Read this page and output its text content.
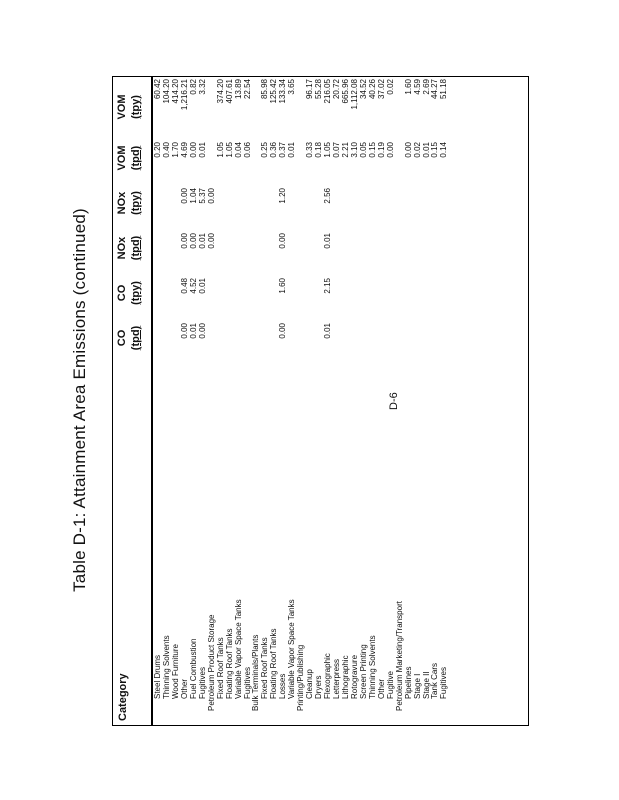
Table D-1: Attainment Area Emissions (continued)
Category
CO (tpd)
CO (tpy)
NOx (tpd)
NOx (tpy)
VOM (tpd)
VOM (tpy)
Steel Drums
0.20
60.42
Thinning Solvents
0.40
104.20
Wood Furniture
1.70
414.20
Other
0.00
0.48
0.00
0.00
4.69
1,216.21
Fuel Combustion
0.01
4.52
0.00
1.04
0.00
0.82
Fugitives
0.00
0.01
0.01
5.37
0.01
3.32
Petroleum Product Storage
0.00
0.00
Fixed Roof Tanks
1.05
374.20
Floating Roof Tanks
1.05
407.61
Variable Vapor Space Tanks
0.04
13.89
Fugitives
0.06
22.54
Bulk Terminals/Plants Fixed Roof Tanks
0.25
85.98
Floating Roof Tanks
0.36
125.42
Losses
0.00
1.60
0.00
1.20
0.37
133.34
Variable Vapor Space Tanks
0.01
3.65
Printing/Publishing Cleanup
0.33
96.17
Dryers
0.18
55.28
Flexographic
0.01
2.15
0.01
2.56
1.05
216.05
Letterpress
0.07
20.72
Lithographic
2.21
665.96
Rotogravure
3.10
1,112.08
Screen Printing
0.05
34.52
Thinning Solvents
0.15
40.26
Other
0.19
37.02
Fugitive
0.00
0.02
Petroleum Marketing/Transport Pipelines
0.00
1.60
Stage I
0.02
4.59
Stage II
0.01
2.69
Tank Cars
0.15
44.27
Fugitives
0.14
51.18
D-6
